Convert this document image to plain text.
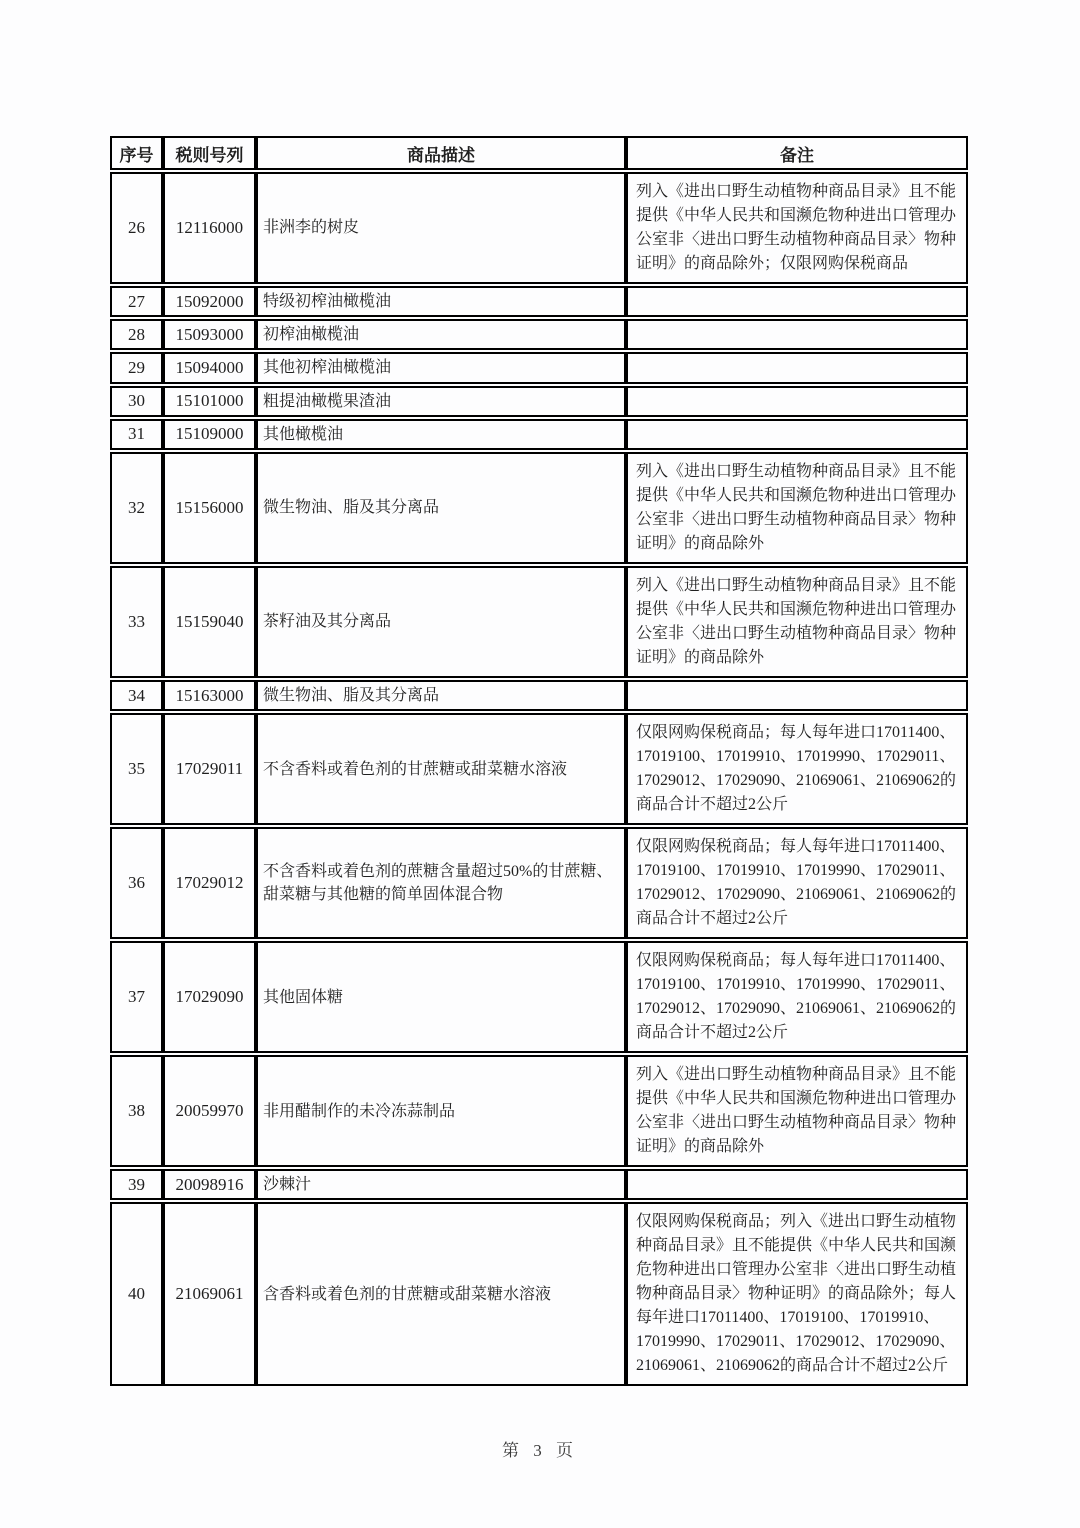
序号	税则号列	商品描述	备注
26	12116000	非洲李的树皮	列入《进出口野生动植物种商品目录》且不能提供《中华人民共和国濒危物种进出口管理办公室非〈进出口野生动植物种商品目录〉物种证明》的商品除外；仅限网购保税商品
27	15092000	特级初榨油橄榄油	
28	15093000	初榨油橄榄油	
29	15094000	其他初榨油橄榄油	
30	15101000	粗提油橄榄果渣油	
31	15109000	其他橄榄油	
32	15156000	微生物油、脂及其分离品	列入《进出口野生动植物种商品目录》且不能提供《中华人民共和国濒危物种进出口管理办公室非〈进出口野生动植物种商品目录〉物种证明》的商品除外
33	15159040	茶籽油及其分离品	列入《进出口野生动植物种商品目录》且不能提供《中华人民共和国濒危物种进出口管理办公室非〈进出口野生动植物种商品目录〉物种证明》的商品除外
34	15163000	微生物油、脂及其分离品	
35	17029011	不含香料或着色剂的甘蔗糖或甜菜糖水溶液	仅限网购保税商品；每人每年进口17011400、17019100、17019910、17019990、17029011、17029012、17029090、21069061、21069062的商品合计不超过2公斤
36	17029012	不含香料或着色剂的蔗糖含量超过50%的甘蔗糖、甜菜糖与其他糖的简单固体混合物	仅限网购保税商品；每人每年进口17011400、17019100、17019910、17019990、17029011、17029012、17029090、21069061、21069062的商品合计不超过2公斤
37	17029090	其他固体糖	仅限网购保税商品；每人每年进口17011400、17019100、17019910、17019990、17029011、17029012、17029090、21069061、21069062的商品合计不超过2公斤
38	20059970	非用醋制作的未冷冻蒜制品	列入《进出口野生动植物种商品目录》且不能提供《中华人民共和国濒危物种进出口管理办公室非〈进出口野生动植物种商品目录〉物种证明》的商品除外
39	20098916	沙棘汁	
40	21069061	含香料或着色剂的甘蔗糖或甜菜糖水溶液	仅限网购保税商品；列入《进出口野生动植物种商品目录》且不能提供《中华人民共和国濒危物种进出口管理办公室非〈进出口野生动植物种商品目录〉物种证明》的商品除外；每人每年进口17011400、17019100、17019910、17019990、17029011、17029012、17029090、21069061、21069062的商品合计不超过2公斤
第 3 页
